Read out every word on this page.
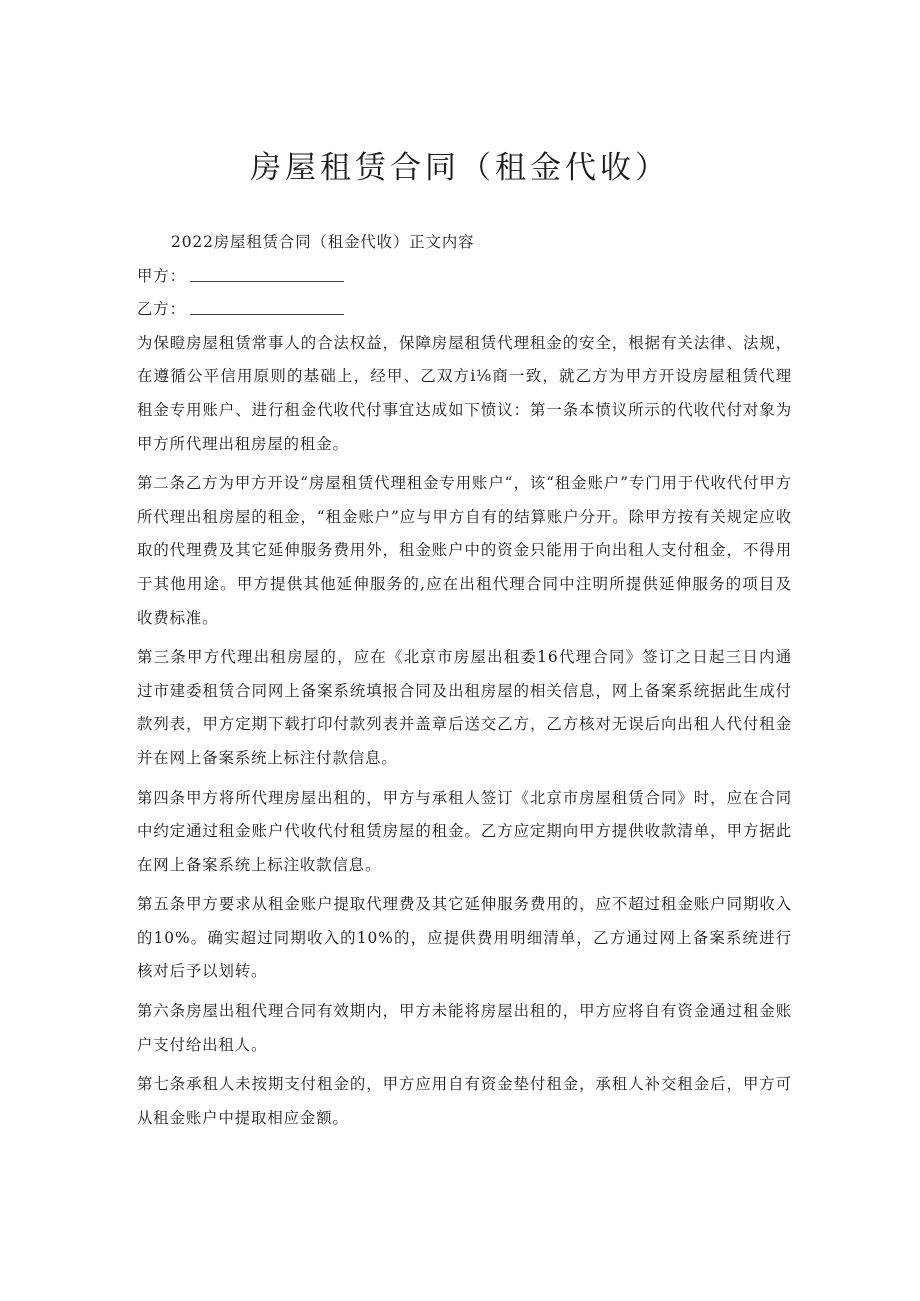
房屋租赁合同（租金代收）

2022房屋租赁合同（租金代收）正文内容

甲方：
乙方：

为保瞪房屋租赁常事人的合法权益，保障房屋租赁代理租金的安全，根据有关法律、法规，在遵循公平信用原则的基础上，经甲、乙双方i⅛商一致，就乙方为甲方开设房屋租赁代理租金专用账户、进行租金代收代付事宜达成如下愤议：第一条本愤议所示的代收代付对象为甲方所代理出租房屋的租金。

第二条乙方为甲方开设“房屋租赁代理租金专用账户“，该“租金账户”专门用于代收代付甲方所代理出租房屋的租金，“租金账户”应与甲方自有的结算账户分开。除甲方按有关规定应收取的代理费及其它延伸服务费用外，租金账户中的资金只能用于向出租人支付租金，不得用于其他用途。甲方提供其他延伸服务的,应在出租代理合同中注明所提供延伸服务的项目及收费标准。

第三条甲方代理出租房屋的，应在《北京市房屋出租委16代理合同》签订之日起三日内通过市建委租赁合同网上备案系统填报合同及出租房屋的相关信息，网上备案系统据此生成付款列表，甲方定期下载打印付款列表并盖章后送交乙方，乙方核对无误后向出租人代付租金并在网上备案系统上标注付款信息。

第四条甲方将所代理房屋出租的，甲方与承租人签订《北京市房屋租赁合同》时，应在合同中约定通过租金账户代收代付租赁房屋的租金。乙方应定期向甲方提供收款清单，甲方据此在网上备案系统上标注收款信息。

第五条甲方要求从租金账户提取代理费及其它延伸服务费用的，应不超过租金账户同期收入的10%。确实超过同期收入的10%的，应提供费用明细清单，乙方通过网上备案系统进行核对后予以划转。

第六条房屋出租代理合同有效期内，甲方未能将房屋出租的，甲方应将自有资金通过租金账户支付给出租人。

第七条承租人未按期支付租金的，甲方应用自有资金垫付租金，承租人补交租金后，甲方可从租金账户中提取相应金额。
